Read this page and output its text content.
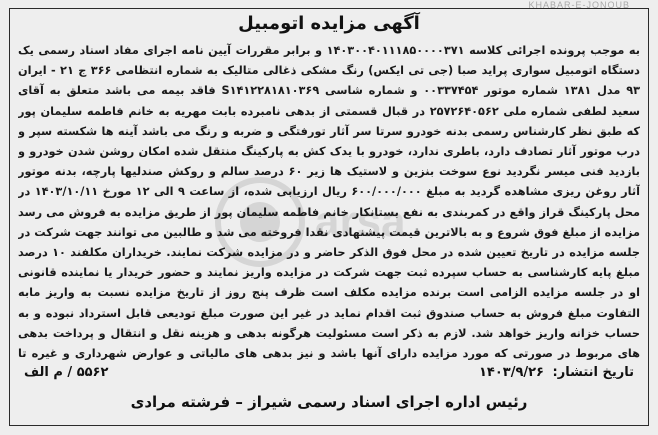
KHABAR-E-JONOUB
arsa
آگهی مزایده اتومبیل
به موجب پرونده اجرائی کلاسه ۱۴۰۳۰۰۴۰۱۱۱۸۵۰۰۰۰۳۷۱ و برابر مقررات آیین نامه اجرای مفاد اسناد رسمی یک دستگاه اتومبیل سواری پراید صبا (جی تی ایکس) رنگ مشکی ذغالی متالیک به شماره انتظامی ۳۶۶ ج ۲۱ - ایران ۹۳ مدل ۱۳۸۱ شماره موتور ۰۰۳۳۷۴۵۴ و شماره شاسی S۱۴۱۲۲۸۱۸۱۰۳۶۹ فاقد بیمه می باشد متعلق به آقای سعید لطفی شماره ملی ۲۵۷۲۶۴۰۵۶۲ در قبال قسمتی از بدهی نامبرده بابت مهریه به خانم فاطمه سلیمان پور که طبق نظر کارشناس رسمی بدنه خودرو سرتا سر آثار تورفتگی و ضربه و رنگ می باشد آینه ها شکسته سپر و درب موتور آثار تصادف دارد، باطری ندارد، خودرو با یدک کش به پارکینگ منتقل شده امکان روشن شدن خودرو و بازدید فنی میسر نگردید نوع سوخت بنزین و لاستیک ها زیر ۶۰ درصد سالم و روکش صندلیها پارچه، بدنه موتور آثار روغن ریزی مشاهده گردید به مبلغ ۶۰۰/۰۰۰/۰۰۰ ریال ارزیابی شده، از ساعت ۹ الی ۱۲ مورخ ۱۴۰۳/۱۰/۱۱ در محل پارکینگ قراز واقع در کمربندی به نفع بستانکار خانم فاطمه سلیمان پور از طریق مزایده به فروش می رسد مزایده از مبلغ فوق شروع و به بالاترین قیمت پیشنهادی نقدا فروخته می شد و طالبین می توانند جهت شرکت در جلسه مزایده در تاریخ تعیین شده در محل فوق الذکر حاضر و در مزایده شرکت نمایند. خریداران مکلفند ۱۰ درصد مبلغ پایه کارشناسی به حساب سپرده ثبت جهت شرکت در مزایده واریز نمایند و حضور خریدار یا نماینده قانونی او در جلسه مزایده الزامی است برنده مزایده مکلف است ظرف پنج روز از تاریخ مزایده نسبت به واریز مابه التفاوت مبلغ فروش به حساب صندوق ثبت اقدام نماید در غیر این صورت مبلغ تودیعی قابل استرداد نبوده و به حساب خزانه واریز خواهد شد. لازم به ذکر است مسئولیت هرگونه بدهی و هزینه نقل و انتقال و پرداخت بدهی های مربوط در صورتی که مورد مزایده دارای آنها باشد و نیز بدهی های مالیاتی و عوارض شهرداری و غیره تا
تاریخ انتشار: ۱۴۰۳/۹/۲۶
۵۵۶۲ / م الف
رئیس اداره اجرای اسناد رسمی شیراز – فرشته مرادی
